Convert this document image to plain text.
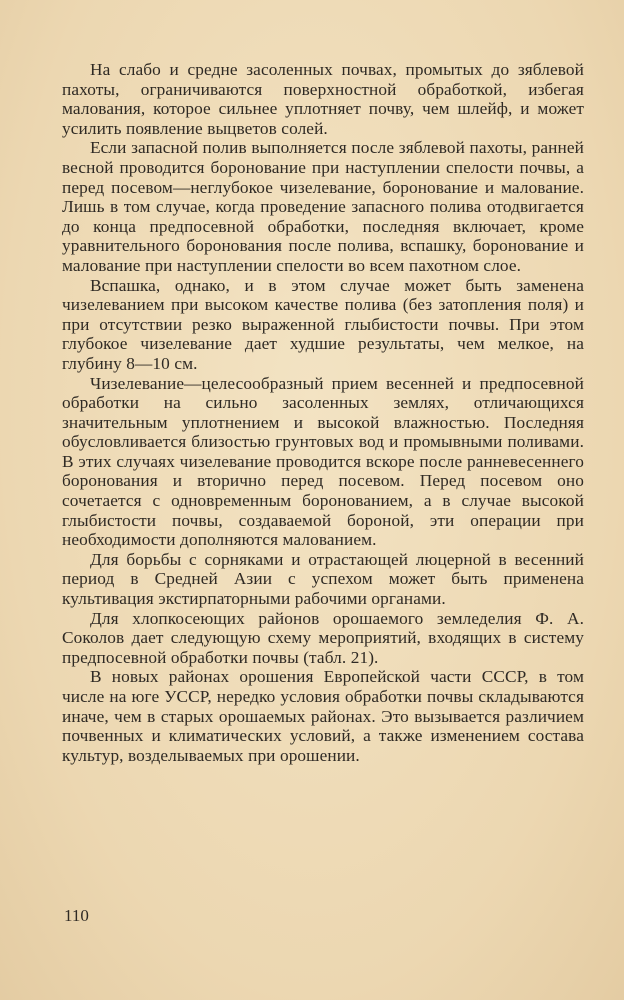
На слабо и средне засоленных почвах, промытых до зяблевой пахоты, ограничиваются поверхностной обработкой, избегая малования, которое сильнее уплотняет почву, чем шлейф, и может усилить появление выцветов солей.

Если запасной полив выполняется после зяблевой пахоты, ранней весной проводится боронование при наступлении спелости почвы, а перед посевом—неглубокое чизелевание, боронование и малование. Лишь в том случае, когда проведение запасного полива отодвигается до конца предпосевной обработки, последняя включает, кроме уравнительного боронования после полива, вспашку, боронование и малование при наступлении спелости во всем пахотном слое.

Вспашка, однако, и в этом случае может быть заменена чизелеванием при высоком качестве полива (без затопления поля) и при отсутствии резко выраженной глыбистости почвы. При этом глубокое чизелевание дает худшие результаты, чем мелкое, на глубину 8—10 см.

Чизелевание—целесообразный прием весенней и предпосевной обработки на сильно засоленных землях, отличающихся значительным уплотнением и высокой влажностью. Последняя обусловливается близостью грунтовых вод и промывными поливами. В этих случаях чизелевание проводится вскоре после ранневесеннего боронования и вторично перед посевом. Перед посевом оно сочетается с одновременным боронованием, а в случае высокой глыбистости почвы, создаваемой бороной, эти операции при необходимости дополняются малованием.

Для борьбы с сорняками и отрастающей люцерной в весенний период в Средней Азии с успехом может быть применена культивация экстирпаторными рабочими органами.

Для хлопкосеющих районов орошаемого земледелия Ф. А. Соколов дает следующую схему мероприятий, входящих в систему предпосевной обработки почвы (табл. 21).

В новых районах орошения Европейской части СССР, в том числе на юге УССР, нередко условия обработки почвы складываются иначе, чем в старых орошаемых районах. Это вызывается различием почвенных и климатических условий, а также изменением состава культур, возделываемых при орошении.

110
